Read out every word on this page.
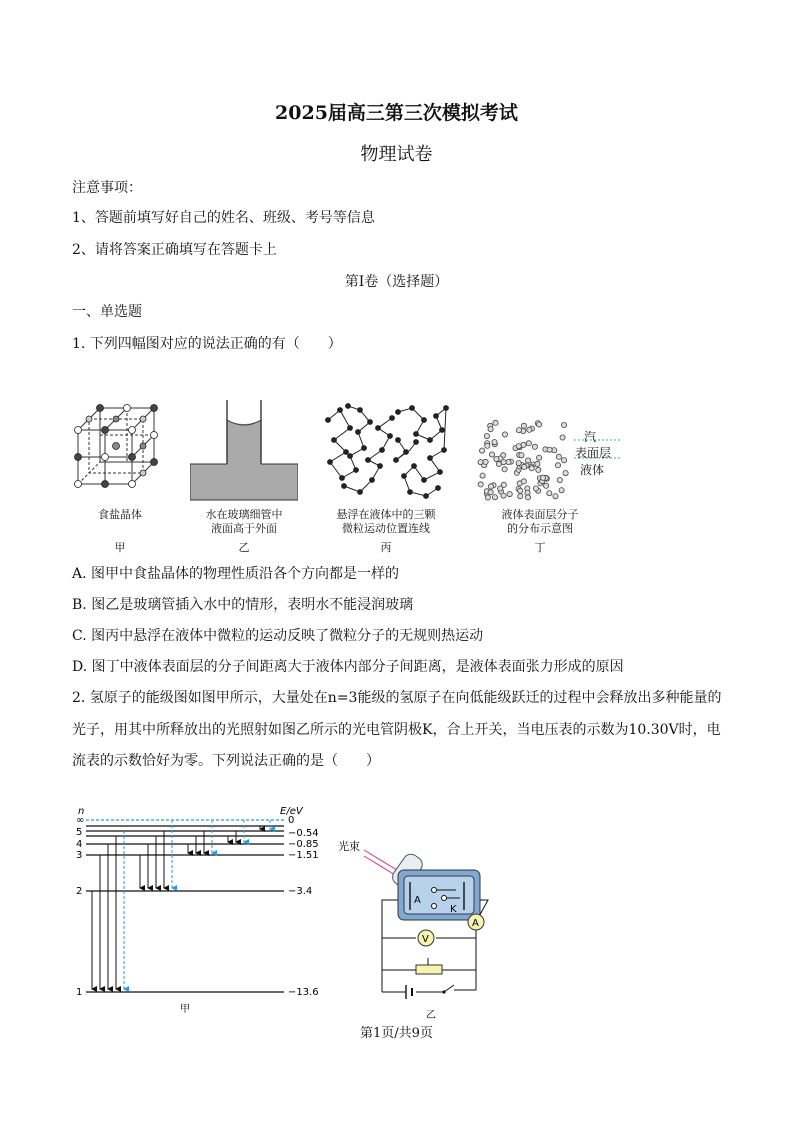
2025届高三第三次模拟考试
物理试卷
注意事项：
1、答题前填写好自己的姓名、班级、考号等信息
2、请将答案正确填写在答题卡上
第I卷（选择题）
一、单选题
1. 下列四幅图对应的说法正确的有（　　）
食盐晶体
甲
水在玻璃细管中
液面高于外面
乙
悬浮在液体中的三颗
微粒运动位置连线
丙
汽
表面层
液体
液体表面层分子
的分布示意图
丁
A. 图甲中食盐晶体的物理性质沿各个方向都是一样的
B. 图乙是玻璃管插入水中的情形，表明水不能浸润玻璃
C. 图丙中悬浮在液体中微粒的运动反映了微粒分子的无规则热运动
D. 图丁中液体表面层的分子间距离大于液体内部分子间距离，是液体表面张力形成的原因
2. 氢原子的能级图如图甲所示，大量处在n=3能级的氢原子在向低能级跃迁的过程中会释放出多种能量的
光子，用其中所释放出的光照射如图乙所示的光电管阴极K，合上开关，当电压表的示数为10.30V时，电
流表的示数恰好为零。下列说法正确的是（　　）
n	E/eV
∞
5
4
3
2
1
0
−0.54
−0.85
−1.51
−3.4
−13.6
甲
光束
A
K
A
V
乙
第1页/共9页
